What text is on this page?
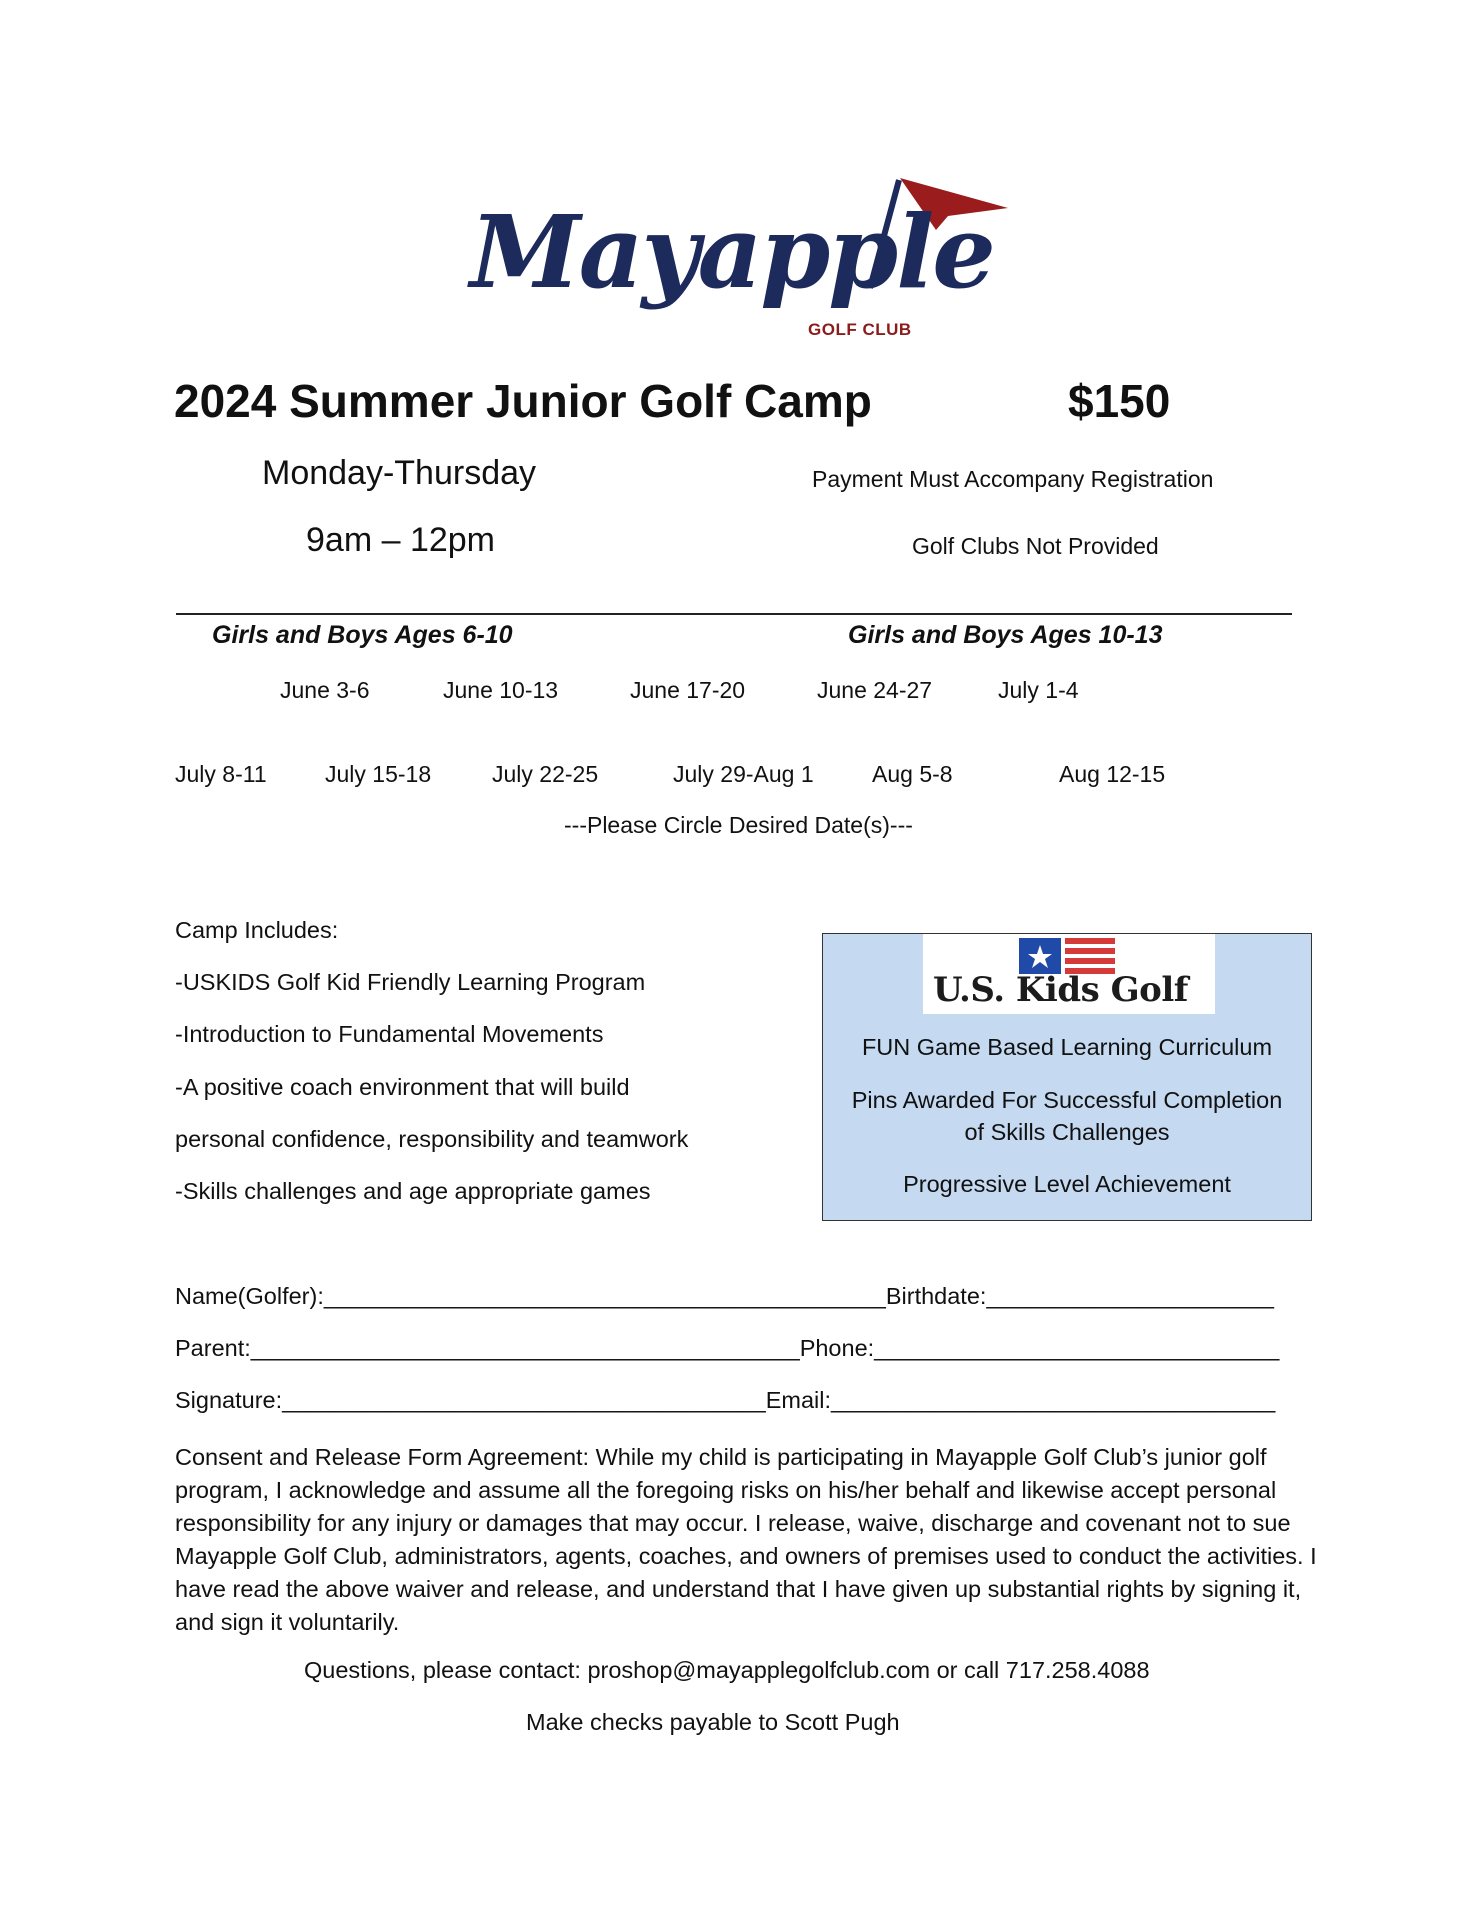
Mayapple
GOLF CLUB
2024 Summer Junior Golf Camp	$150
Monday-Thursday
9am – 12pm
Payment Must Accompany Registration
Golf Clubs Not Provided
Girls and Boys Ages 6-10	Girls and Boys Ages 10-13
June 3-6	June 10-13	June 17-20	June 24-27	July 1-4
July 8-11	July 15-18	July 22-25	July 29-Aug 1	Aug 5-8	Aug 12-15
---Please Circle Desired Date(s)---
Camp Includes:
-USKIDS Golf Kid Friendly Learning Program
-Introduction to Fundamental Movements
-A positive coach environment that will build
personal confidence, responsibility and teamwork
-Skills challenges and age appropriate games
U.S. Kids Golf
FUN Game Based Learning Curriculum
Pins Awarded For Successful Completion
of Skills Challenges
Progressive Level Achievement
Name(Golfer):___________________________________________Birthdate:______________________
Parent:__________________________________________Phone:_______________________________
Signature:_____________________________________Email:__________________________________
Consent and Release Form Agreement: While my child is participating in Mayapple Golf Club’s junior golf program, I acknowledge and assume all the foregoing risks on his/her behalf and likewise accept personal responsibility for any injury or damages that may occur. I release, waive, discharge and covenant not to sue Mayapple Golf Club, administrators, agents, coaches, and owners of premises used to conduct the activities. I have read the above waiver and release, and understand that I have given up substantial rights by signing it, and sign it voluntarily.
Questions, please contact: proshop@mayapplegolfclub.com or call 717.258.4088
Make checks payable to Scott Pugh
